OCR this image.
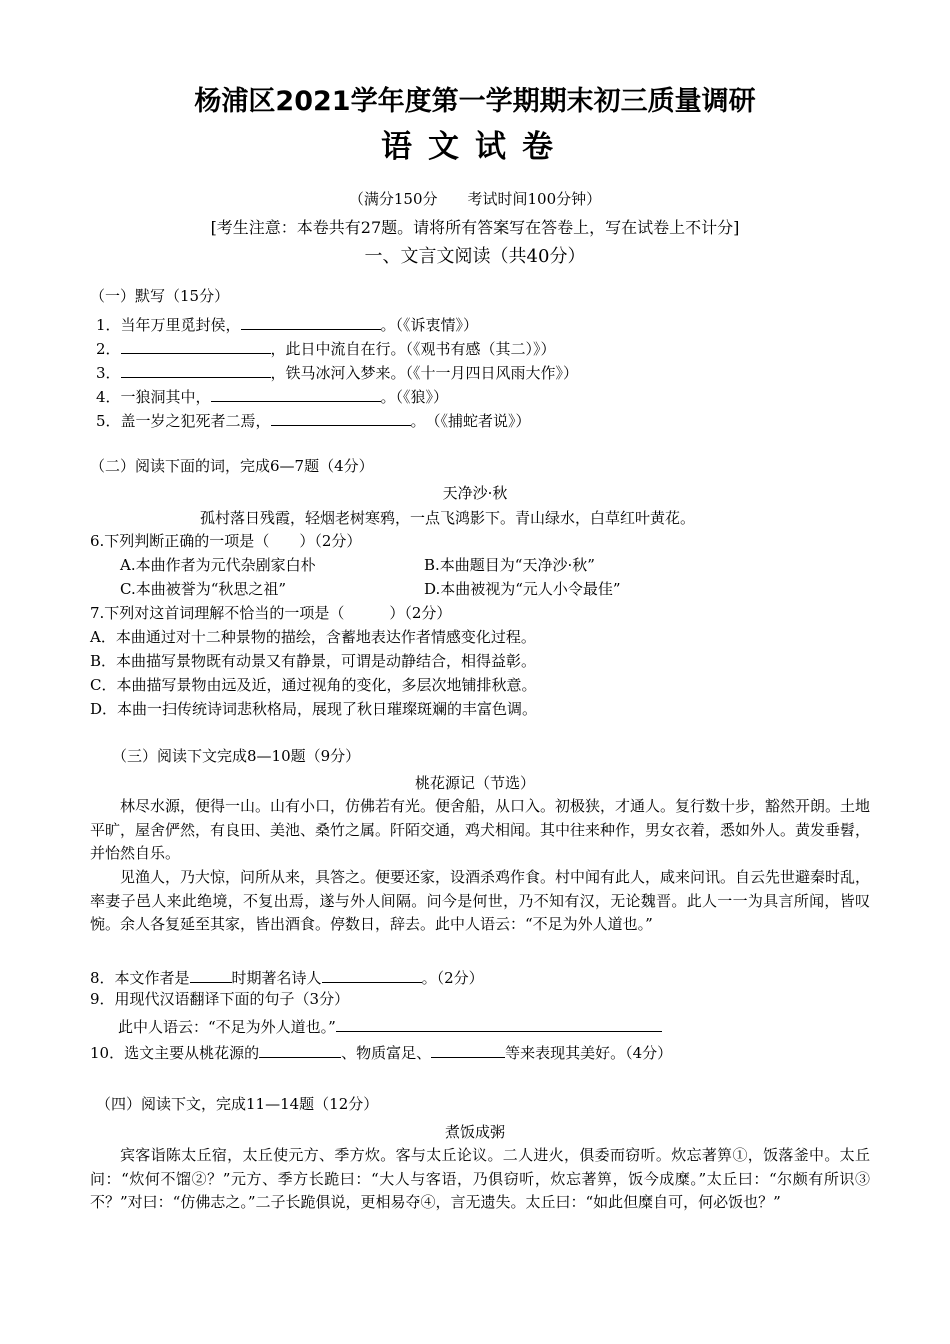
杨浦区2021学年度第一学期期末初三质量调研
语文试卷
（满分150分　　考试时间100分钟）
[考生注意：本卷共有27题。请将所有答案写在答卷上，写在试卷上不计分]
一、文言文阅读（共40分）
（一）默写（15分）
1．当年万里觅封侯，	。（《诉衷情》）
2．	，此日中流自在行。（《观书有感（其二）》）
3．	，铁马冰河入梦来。（《十一月四日风雨大作》）
4．一狼洞其中，	。（《狼》）
5．盖一岁之犯死者二焉，	。　（《捕蛇者说》）
（二）阅读下面的词，完成6—7题（4分）
天净沙·秋
孤村落日残霞，轻烟老树寒鸦，一点飞鸿影下。青山绿水，白草红叶黄花。
6.下列判断正确的一项是（　　）（2分）
A.本曲作者为元代杂剧家白朴	B.本曲题目为“天净沙·秋”
C.本曲被誉为“秋思之祖”	D.本曲被视为“元人小令最佳”
7.下列对这首词理解不恰当的一项是（　　　）（2分）
A．本曲通过对十二种景物的描绘，含蓄地表达作者情感变化过程。
B．本曲描写景物既有动景又有静景，可谓是动静结合，相得益彰。
C．本曲描写景物由远及近，通过视角的变化，多层次地铺排秋意。
D．本曲一扫传统诗词悲秋格局，展现了秋日璀璨斑斓的丰富色调。
（三）阅读下文完成8—10题（9分）
桃花源记（节选）
林尽水源，便得一山。山有小口，仿佛若有光。便舍船，从口入。初极狭，才通人。复行数十步，豁然开朗。土地平旷，屋舍俨然，有良田、美池、桑竹之属。阡陌交通，鸡犬相闻。其中往来种作，男女衣着，悉如外人。黄发垂髫，并怡然自乐。
见渔人，乃大惊，问所从来，具答之。便要还家，设酒杀鸡作食。村中闻有此人，咸来问讯。自云先世避秦时乱，率妻子邑人来此绝境，不复出焉，遂与外人间隔。问今是何世，乃不知有汉，无论魏晋。此人一一为具言所闻，皆叹惋。余人各复延至其家，皆出酒食。停数日，辞去。此中人语云：“不足为外人道也。”
8．本文作者是	时期著名诗人	。（2分）
9．用现代汉语翻译下面的句子（3分）
此中人语云：“不足为外人道也。”
10．选文主要从桃花源的	、物质富足、	等来表现其美好。（4分）
（四）阅读下文，完成11—14题（12分）
煮饭成粥
宾客诣陈太丘宿，太丘使元方、季方炊。客与太丘论议。二人进火，俱委而窃听。炊忘著箅①，饭落釜中。太丘问：“炊何不馏②？”元方、季方长跪曰：“大人与客语，乃俱窃听，炊忘著箅，饭今成糜。”太丘曰：“尔颇有所识③不？”对曰：“仿佛志之。”二子长跪俱说，更相易夺④，言无遗失。太丘曰：“如此但糜自可，何必饭也？”
